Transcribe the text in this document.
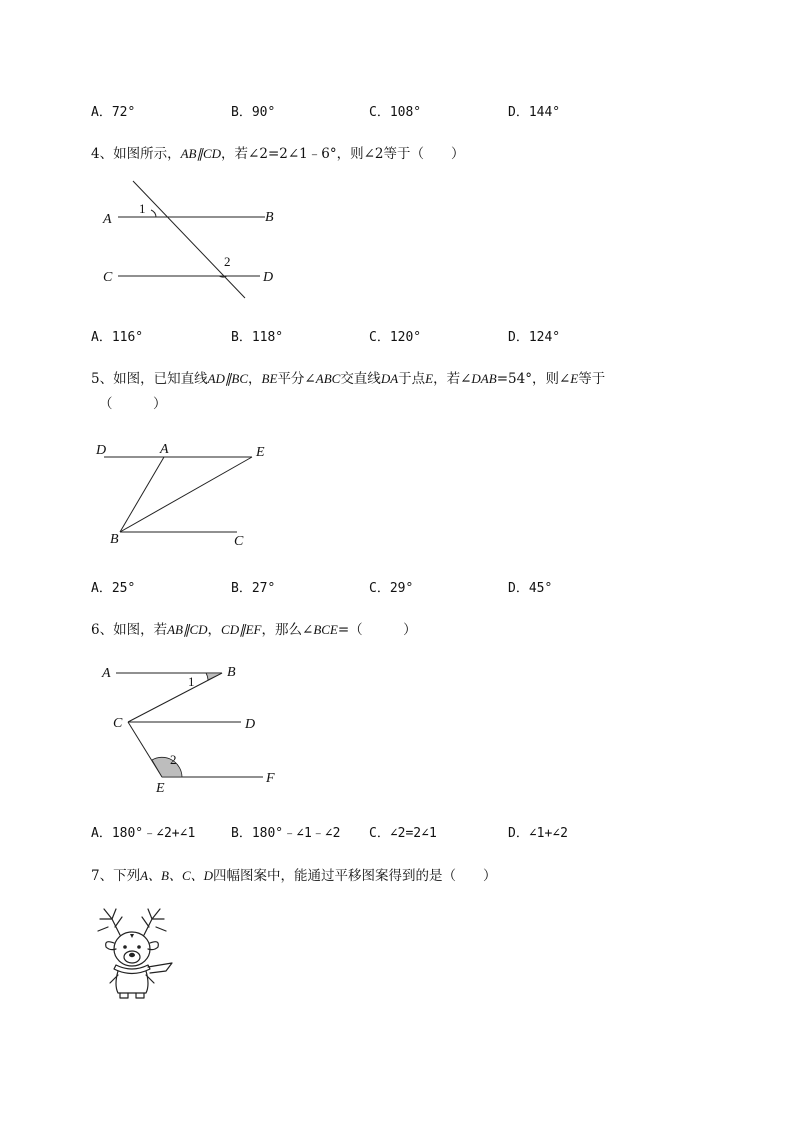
A．72°	B．90°	C．108°	D．144°
4、如图所示，AB∥CD，若∠2=2∠1﹣6°，则∠2等于（　　）
A	B
C	D
1
2
A．116°	B．118°	C．120°	D．124°
5、如图，已知直线AD∥BC，BE平分∠ABC交直线DA于点E，若∠DAB=54°，则∠E等于
（　　　）
D	A	E
B	C
A．25°	B．27°	C．29°	D．45°
6、如图，若AB∥CD，CD∥EF，那么∠BCE=（　　　）
A	B
1
C	D
2
E
F
A．180°﹣∠2+∠1	B．180°﹣∠1﹣∠2 C．∠2=2∠1	D．∠1+∠2
7、下列A、B、C、D四幅图案中，能通过平移图案得到的是（　　）
